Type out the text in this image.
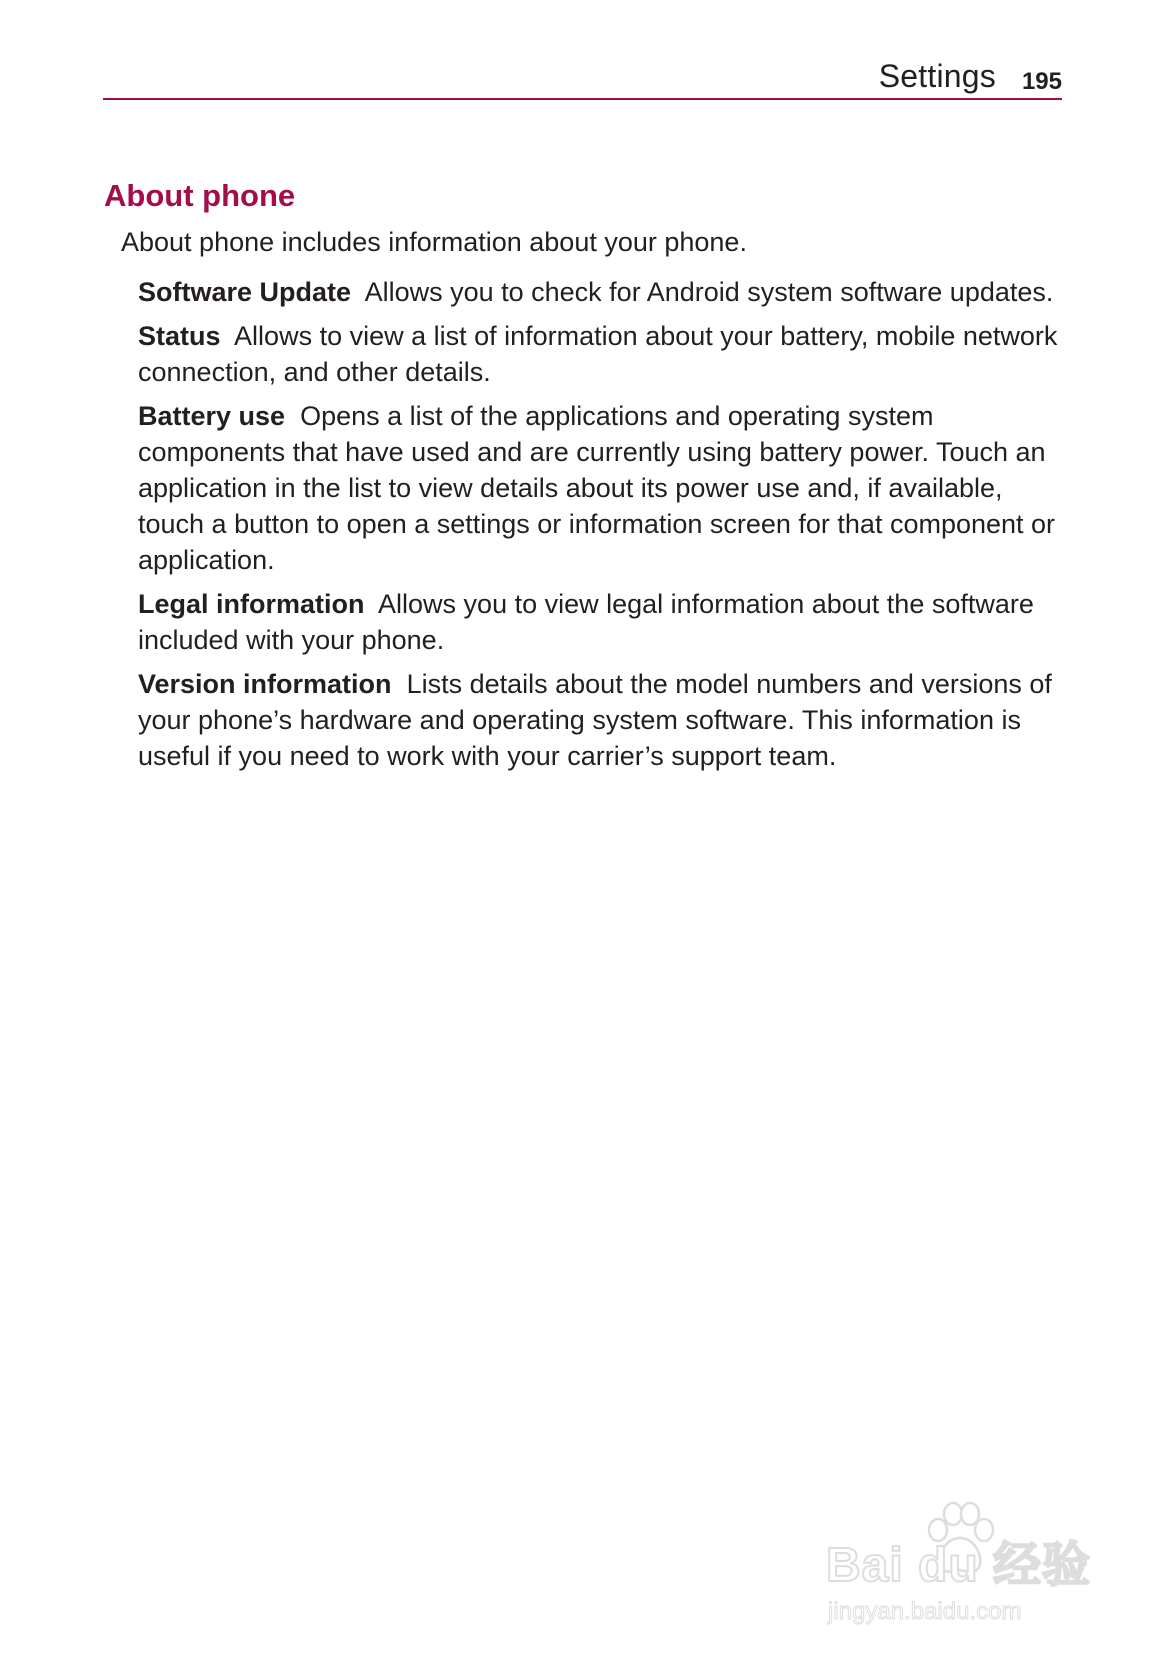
Settings 195
About phone

About phone includes information about your phone.

Software Update Allows you to check for Android system software updates.

Status Allows to view a list of information about your battery, mobile network connection, and other details.

Battery use Opens a list of the applications and operating system components that have used and are currently using battery power. Touch an application in the list to view details about its power use and, if available, touch a button to open a settings or information screen for that component or application.

Legal information Allows you to view legal information about the software included with your phone.

Version information Lists details about the model numbers and versions of your phone’s hardware and operating system software. This information is useful if you need to work with your carrier’s support team.

Bai du 经验
jingyan.baidu.com
